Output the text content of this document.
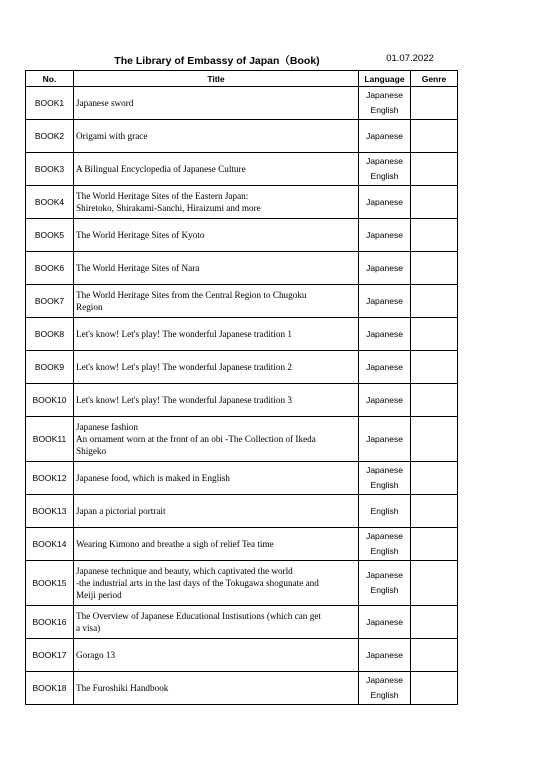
The Library of Embassy of Japan（Book)	01.07.2022
No.	Title	Language	Genre
BOOK1	Japanese sword	Japanese
English	

BOOK2	Origami with grace	Japanese	

BOOK3	A Bilingual Encyclopedia of Japanese Culture	Japanese
English	

BOOK4	The World Heritage Sites of the Eastern Japan:
Shiretoko, Shirakami-Sanchi, Hiraizumi and more	Japanese	

BOOK5	The World Heritage Sites of Kyoto	Japanese	

BOOK6	The World Heritage Sites of Nara	Japanese	

BOOK7	The World Heritage Sites from the Central Region to Chugoku
Region	Japanese	

BOOK8	Let's know! Let's play! The wonderful Japanese tradition 1	Japanese	

BOOK9	Let's know! Let's play! The wonderful Japanese tradition 2	Japanese	

BOOK10	Let's know! Let's play! The wonderful Japanese tradition 3	Japanese	

BOOK11	Japanese fashion
An ornament worn at the front of an obi -The Collection of Ikeda
Shigeko	Japanese	

BOOK12	Japanese food, which is maked in English	Japanese
English	

BOOK13	Japan a pictorial portrait	English	

BOOK14	Wearing Kimono and breathe a sigh of relief Tea time	Japanese
English	

BOOK15	Japanese technique and beauty, which captivated the world
-the industrial arts in the last days of the Tokugawa shogunate and
Meiji period	Japanese
English	

BOOK16	The Overview of Japanese Educational Instisutions (which can get
a visa)	Japanese	

BOOK17	Gorago 13	Japanese	

BOOK18	The Furoshiki Handbook	Japanese
English	
